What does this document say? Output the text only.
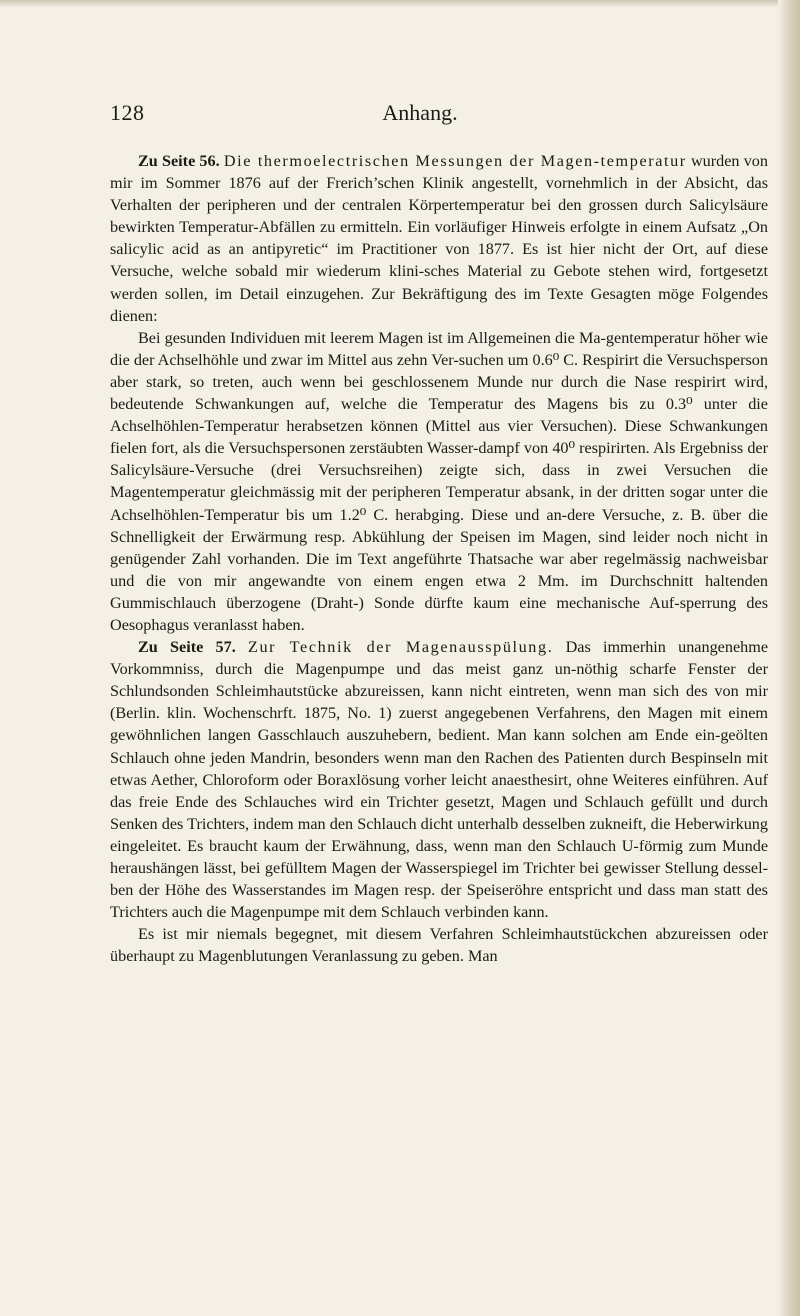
Anhang.
128

Zu Seite 56. Die thermoelectrischen Messungen der Magen-temperatur wurden von mir im Sommer 1876 auf der Frerich’schen Klinik angestellt, vornehmlich in der Absicht, das Verhalten der peripheren und der centralen Körpertemperatur bei den grossen durch Salicylsäure bewirkten Temperatur-Abfällen zu ermitteln. Ein vorläufiger Hinweis erfolgte in einem Aufsatz „On salicylic acid as an antipyretic“ im Practitioner von 1877. Es ist hier nicht der Ort, auf diese Versuche, welche sobald mir wiederum klini-sches Material zu Gebote stehen wird, fortgesetzt werden sollen, im Detail einzugehen. Zur Bekräftigung des im Texte Gesagten möge Folgendes dienen:

Bei gesunden Individuen mit leerem Magen ist im Allgemeinen die Ma-gentemperatur höher wie die der Achselhöhle und zwar im Mittel aus zehn Ver-suchen um 0.6⁰ C. Respirirt die Versuchsperson aber stark, so treten, auch wenn bei geschlossenem Munde nur durch die Nase respirirt wird, bedeutende Schwankungen auf, welche die Temperatur des Magens bis zu 0.3⁰ unter die Achselhöhlen-Temperatur herabsetzen können (Mittel aus vier Versuchen). Diese Schwankungen fielen fort, als die Versuchspersonen zerstäubten Wasser-dampf von 40⁰ respirirten. Als Ergebniss der Salicylsäure-Versuche (drei Versuchsreihen) zeigte sich, dass in zwei Versuchen die Magentemperatur gleichmässig mit der peripheren Temperatur absank, in der dritten sogar unter die Achselhöhlen-Temperatur bis um 1.2⁰ C. herabging. Diese und an-dere Versuche, z. B. über die Schnelligkeit der Erwärmung resp. Abkühlung der Speisen im Magen, sind leider noch nicht in genügender Zahl vorhanden. Die im Text angeführte Thatsache war aber regelmässig nachweisbar und die von mir angewandte von einem engen etwa 2 Mm. im Durchschnitt haltenden Gummischlauch überzogene (Draht-) Sonde dürfte kaum eine mechanische Auf-sperrung des Oesophagus veranlasst haben.

Zu Seite 57. Zur Technik der Magenausspülung. Das immerhin unangenehme Vorkommniss, durch die Magenpumpe und das meist ganz un-nöthig scharfe Fenster der Schlundsonden Schleimhautstücke abzureissen, kann nicht eintreten, wenn man sich des von mir (Berlin. klin. Wochenschrft. 1875, No. 1) zuerst angegebenen Verfahrens, den Magen mit einem gewöhnlichen langen Gasschlauch auszuhebern, bedient. Man kann solchen am Ende ein-geölten Schlauch ohne jeden Mandrin, besonders wenn man den Rachen des Patienten durch Bespinseln mit etwas Aether, Chloroform oder Boraxlösung vorher leicht anaesthesirt, ohne Weiteres einführen. Auf das freie Ende des Schlauches wird ein Trichter gesetzt, Magen und Schlauch gefüllt und durch Senken des Trichters, indem man den Schlauch dicht unterhalb desselben zukneift, die Heberwirkung eingeleitet. Es braucht kaum der Erwähnung, dass, wenn man den Schlauch U-förmig zum Munde heraushängen lässt, bei gefülltem Magen der Wasserspiegel im Trichter bei gewisser Stellung dessel-ben der Höhe des Wasserstandes im Magen resp. der Speiseröhre entspricht und dass man statt des Trichters auch die Magenpumpe mit dem Schlauch verbinden kann.

Es ist mir niemals begegnet, mit diesem Verfahren Schleimhautstückchen abzureissen oder überhaupt zu Magenblutungen Veranlassung zu geben. Man
